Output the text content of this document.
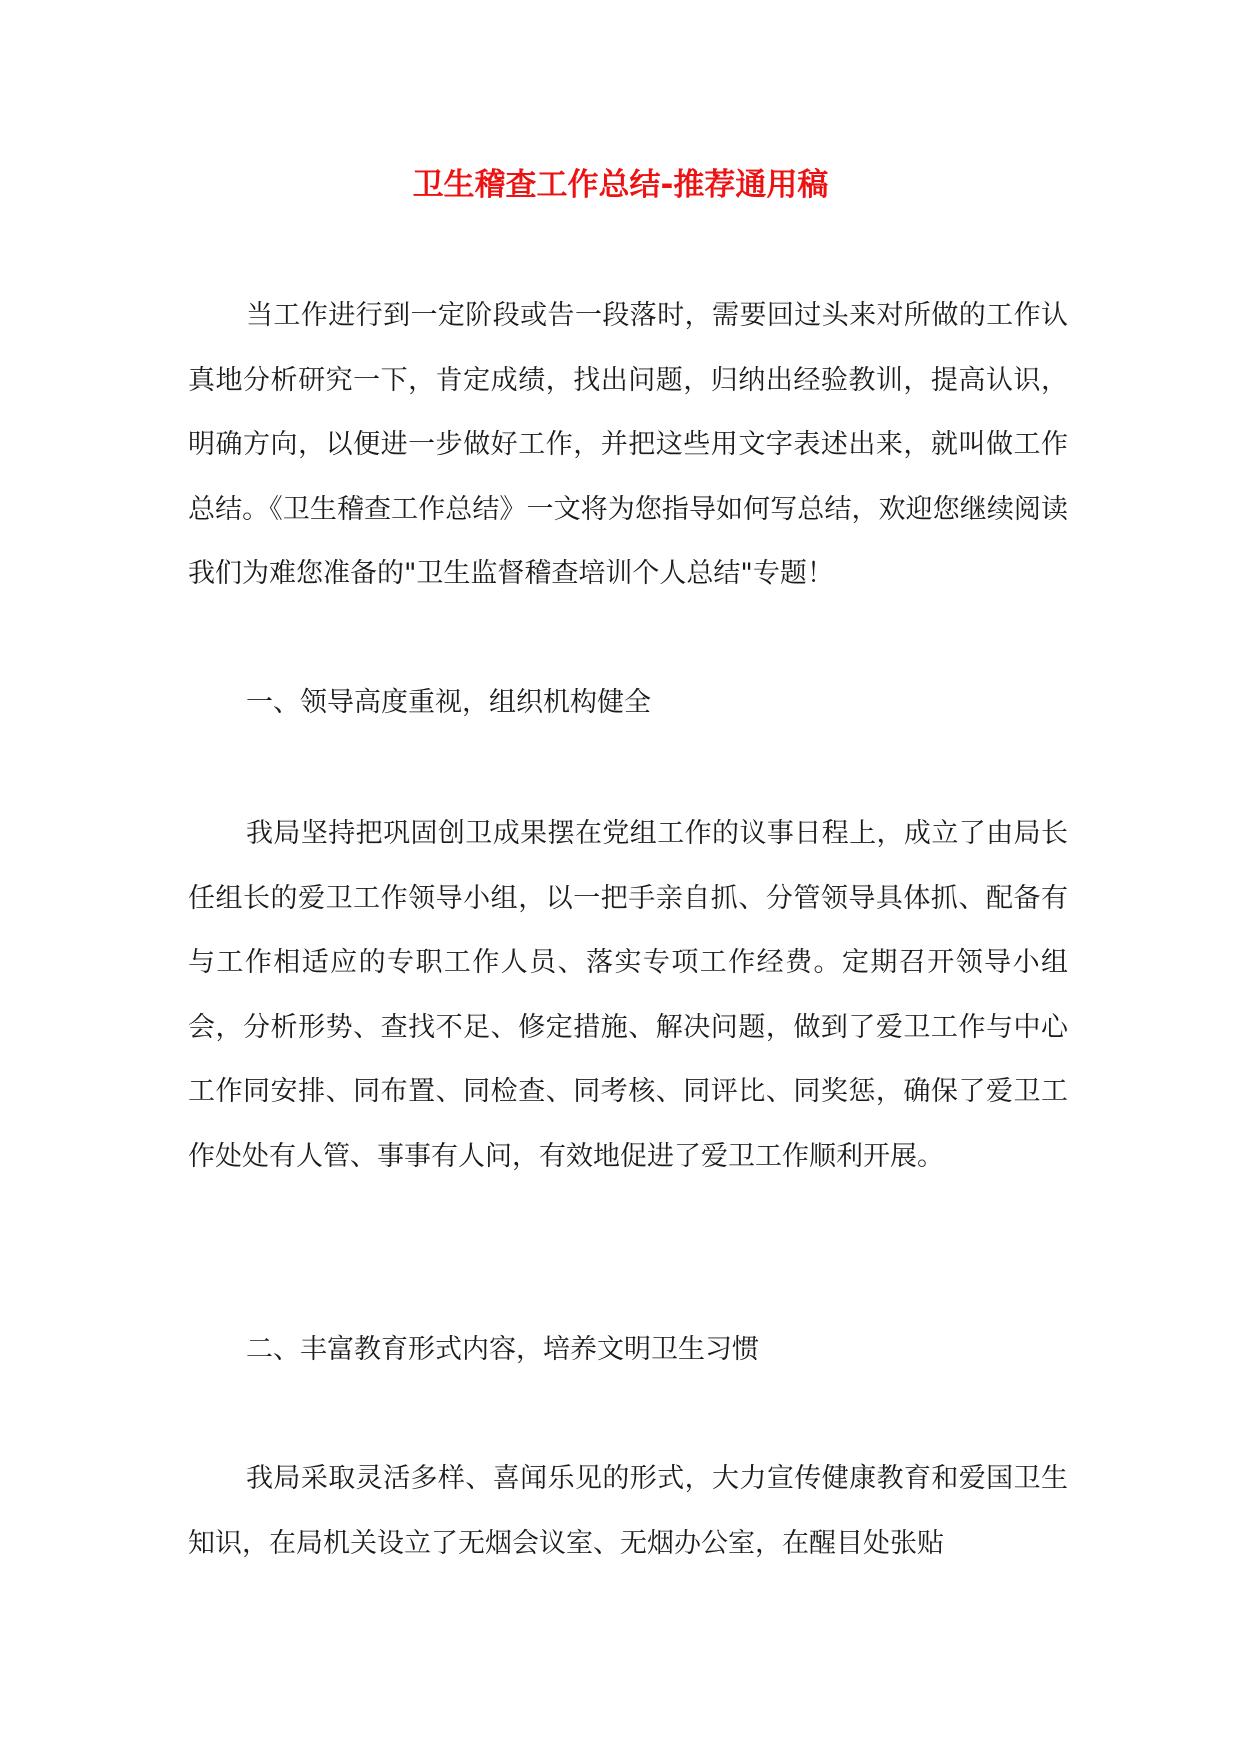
卫生稽查工作总结-推荐通用稿

当工作进行到一定阶段或告一段落时，需要回过头来对所做的工作认真地分析研究一下，肯定成绩，找出问题，归纳出经验教训，提高认识，明确方向，以便进一步做好工作，并把这些用文字表述出来，就叫做工作总结。《卫生稽查工作总结》一文将为您指导如何写总结，欢迎您继续阅读我们为难您准备的"卫生监督稽查培训个人总结"专题！

一、领导高度重视，组织机构健全

我局坚持把巩固创卫成果摆在党组工作的议事日程上，成立了由局长任组长的爱卫工作领导小组，以一把手亲自抓、分管领导具体抓、配备有与工作相适应的专职工作人员、落实专项工作经费。定期召开领导小组会，分析形势、查找不足、修定措施、解决问题，做到了爱卫工作与中心工作同安排、同布置、同检查、同考核、同评比、同奖惩，确保了爱卫工作处处有人管、事事有人问，有效地促进了爱卫工作顺利开展。

二、丰富教育形式内容，培养文明卫生习惯

我局采取灵活多样、喜闻乐见的形式，大力宣传健康教育和爱国卫生知识，在局机关设立了无烟会议室、无烟办公室，在醒目处张贴
